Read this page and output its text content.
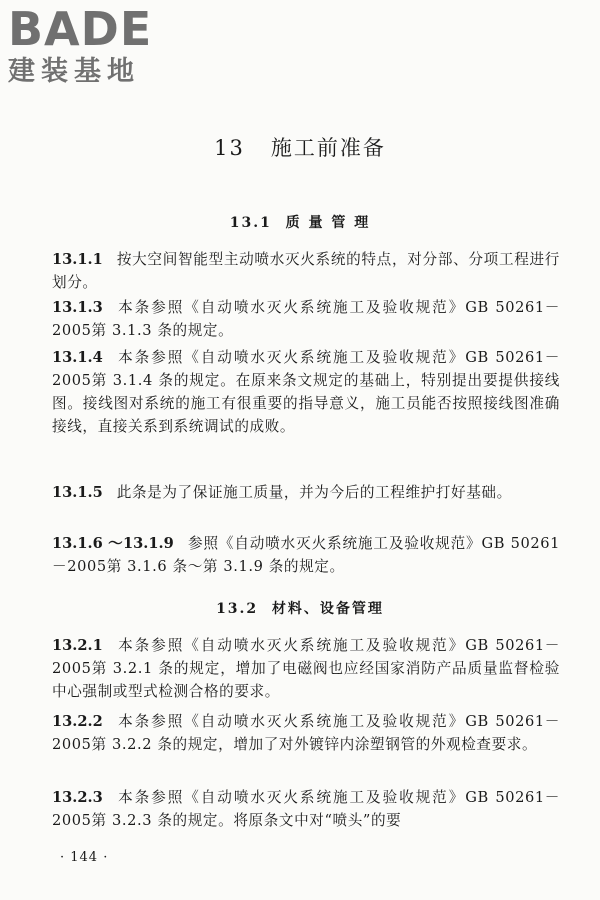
BADE
建装基地
13 施工前准备
13.1 质 量 管 理
13.1.1 按大空间智能型主动喷水灭火系统的特点，对分部、分项工程进行划分。
13.1.3 本条参照《自动喷水灭火系统施工及验收规范》GB 50261－2005第 3.1.3 条的规定。
13.1.4 本条参照《自动喷水灭火系统施工及验收规范》GB 50261－2005第 3.1.4 条的规定。在原来条文规定的基础上，特别提出要提供接线图。接线图对系统的施工有很重要的指导意义，施工员能否按照接线图准确接线，直接关系到系统调试的成败。
13.1.5 此条是为了保证施工质量，并为今后的工程维护打好基础。
13.1.6 ～13.1.9 参照《自动喷水灭火系统施工及验收规范》GB 50261－2005第 3.1.6 条～第 3.1.9 条的规定。
13.2 材料、设备管理
13.2.1 本条参照《自动喷水灭火系统施工及验收规范》GB 50261－2005第 3.2.1 条的规定，增加了电磁阀也应经国家消防产品质量监督检验中心强制或型式检测合格的要求。
13.2.2 本条参照《自动喷水灭火系统施工及验收规范》GB 50261－2005第 3.2.2 条的规定，增加了对外镀锌内涂塑钢管的外观检查要求。
13.2.3 本条参照《自动喷水灭火系统施工及验收规范》GB 50261－2005第 3.2.3 条的规定。将原条文中对“喷头”的要
· 144 ·
